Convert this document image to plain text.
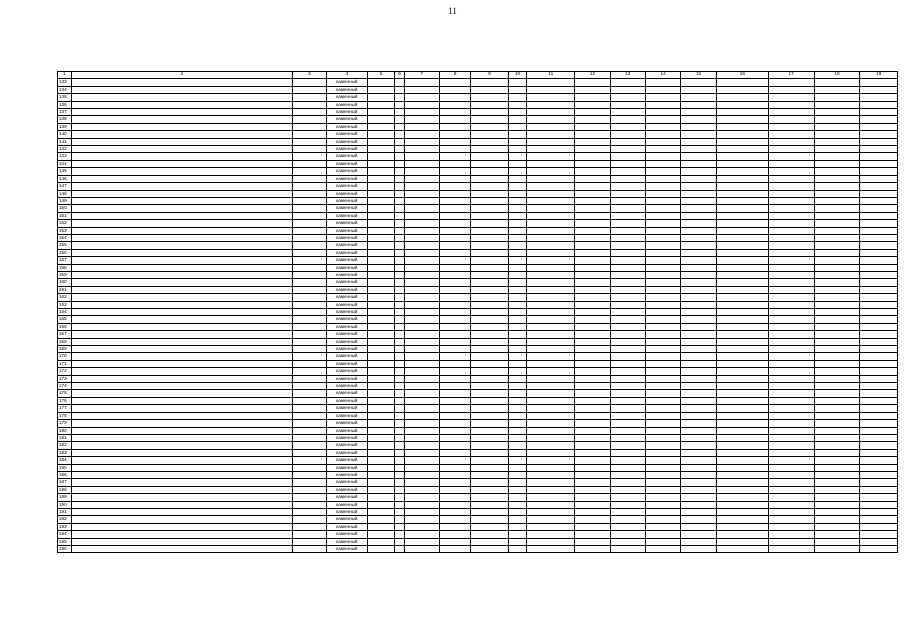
11
1	2	3	4	5	6	7	8	9	10	11	12	13	14	15	16	17	18	19
133			каменный															
134			каменный															
135			каменный															
136			каменный															
137			каменный															
138			каменный															
139			каменный															
140			каменный															
141			каменный															
142			каменный															
143			каменный															
144			каменный															
145			каменный															
146			каменный															
147			каменный															
148			каменный															
149			каменный															
150			каменный															
151			каменный															
152			каменный															
153			каменный															
154			каменный															
155			каменный															
156			каменный															
157			каменный															
158			каменный															
159			каменный															
160			каменный															
161			каменный															
162			каменный															
163			каменный															
164			каменный															
165			каменный															
166			каменный															
167			каменный															
168			каменный															
169			каменный															
170			каменный															
171			каменный															
172			каменный															
173			каменный															
174			каменный															
175			каменный															
176			каменный															
177			каменный															
178			каменный															
179			каменный															
180			каменный															
181			каменный															
182			каменный															
183			каменный															
184			каменный															
185			каменный															
186			каменный															
187			каменный															
188			каменный															
189			каменный															
190			каменный															
191			каменный															
192			каменный															
193			каменный															
194			каменный															
195			каменный															
196			каменный															
